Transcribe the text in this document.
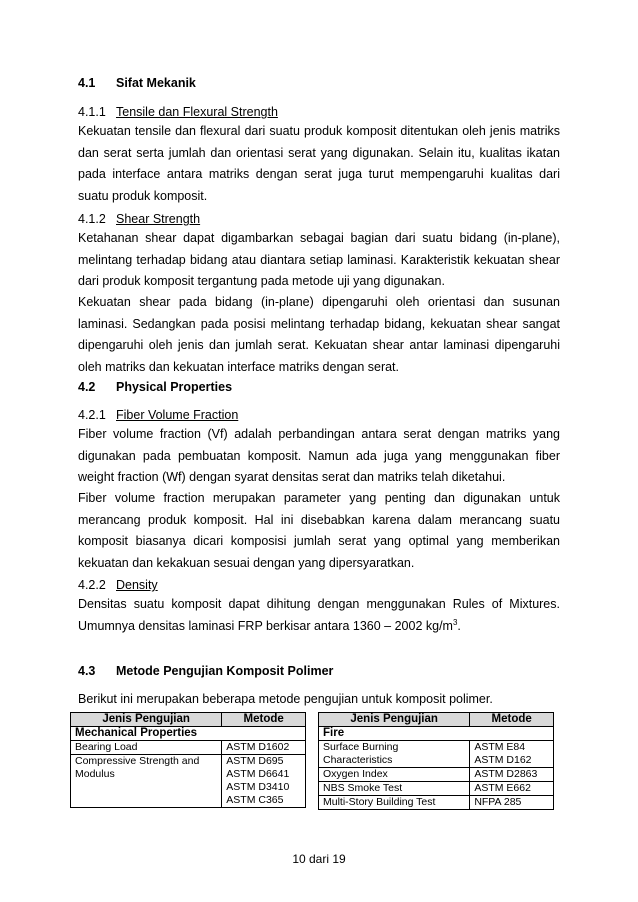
4.1 Sifat Mekanik
4.1.1 Tensile dan Flexural Strength

Kekuatan tensile dan flexural dari suatu produk komposit ditentukan oleh jenis matriks dan serat serta jumlah dan orientasi serat yang digunakan. Selain itu, kualitas ikatan pada interface antara matriks dengan serat juga turut mempengaruhi kualitas dari suatu produk komposit.

4.1.2 Shear Strength

Ketahanan shear dapat digambarkan sebagai bagian dari suatu bidang (in-plane), melintang terhadap bidang atau diantara setiap laminasi. Karakteristik kekuatan shear dari produk komposit tergantung pada metode uji yang digunakan.

Kekuatan shear pada bidang (in-plane) dipengaruhi oleh orientasi dan susunan laminasi. Sedangkan pada posisi melintang terhadap bidang, kekuatan shear sangat dipengaruhi oleh jenis dan jumlah serat. Kekuatan shear antar laminasi dipengaruhi oleh matriks dan kekuatan interface matriks dengan serat.

4.2 Physical Properties
4.2.1 Fiber Volume Fraction

Fiber volume fraction (Vf) adalah perbandingan antara serat dengan matriks yang digunakan pada pembuatan komposit. Namun ada juga yang menggunakan fiber weight fraction (Wf) dengan syarat densitas serat dan matriks telah diketahui.

Fiber volume fraction merupakan parameter yang penting dan digunakan untuk merancang produk komposit. Hal ini disebabkan karena dalam merancang suatu komposit biasanya dicari komposisi jumlah serat yang optimal yang memberikan kekuatan dan kekakuan sesuai dengan yang dipersyaratkan.

4.2.2 Density

Densitas suatu komposit dapat dihitung dengan menggunakan Rules of Mixtures. Umumnya densitas laminasi FRP berkisar antara 1360 – 2002 $kg/m^3$.

4.3 Metode Pengujian Komposit Polimer
Berikut ini merupakan beberapa metode pengujian untuk komposit polimer.
Jenis Pengujian	Metode
Mechanical Properties	
Bearing Load	ASTM D1602
Compressive Strength and Modulus	ASTM D695
ASTM D6641
ASTM D3410
ASTM C365
Jenis Pengujian	Metode
Fire	
Surface Burning Characteristics	ASTM E84
ASTM D162

Oxygen Index	ASTM D2863
NBS Smoke Test	ASTM E662
Multi-Story Building Test	NFPA 285
10 dari 19
